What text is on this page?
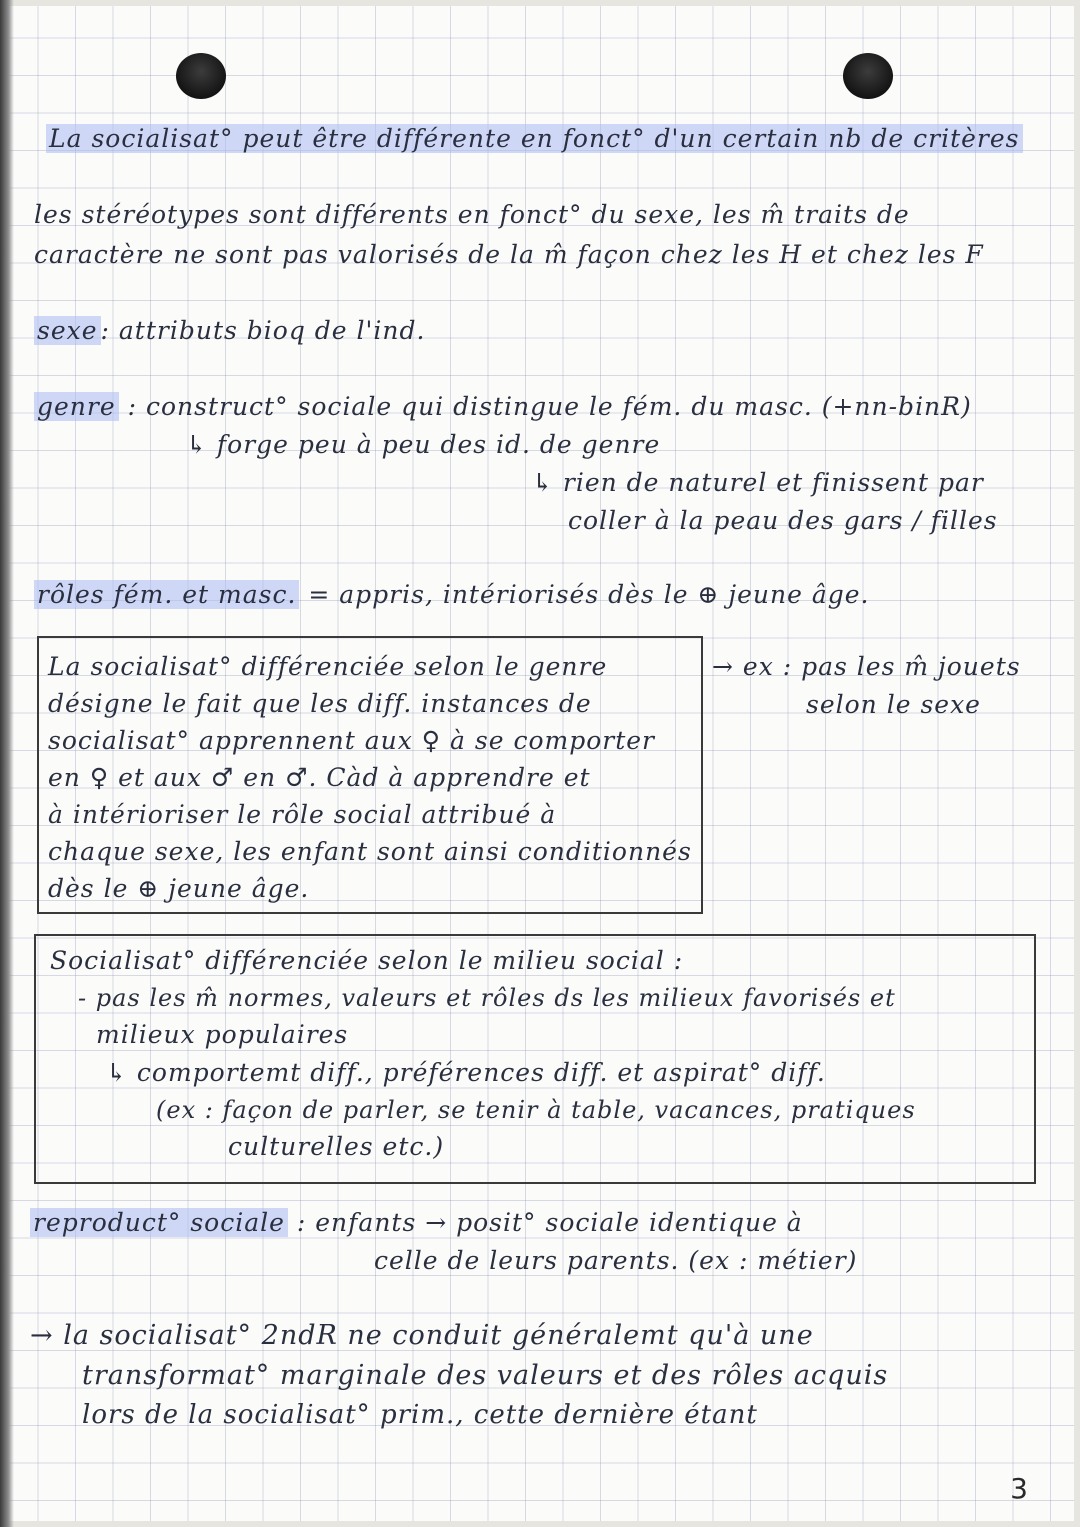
La socialisat° peut être différente en fonct° d'un certain nb de critères

les stéréotypes sont différents en fonct° du sexe, les m̂ traits de

caractère ne sont pas valorisés de la m̂ façon chez les H et chez les F

sexe : attributs bioq de l'ind.

genre : construct° sociale qui distingue le fém. du masc. (+nn-binR)

↳ forge peu à peu des id. de genre

↳ rien de naturel et finissent par

coller à la peau des gars / filles

rôles fém. et masc. = appris, intériorisés dès le ⊕ jeune âge.

La socialisat° différenciée selon le genre

désigne le fait que les diff. instances de

socialisat° apprennent aux ♀ à se comporter

en ♀ et aux ♂ en ♂. Càd à apprendre et

à intérioriser le rôle social attribué à

chaque sexe, les enfant sont ainsi conditionnés

dès le ⊕ jeune âge.

→ ex : pas les m̂ jouets

selon le sexe

Socialisat° différenciée selon le milieu social :

- pas les m̂ normes, valeurs et rôles ds les milieux favorisés et

milieux populaires

↳ comportemt diff., préférences diff. et aspirat° diff.

(ex : façon de parler, se tenir à table, vacances, pratiques

culturelles etc.)

reproduct° sociale : enfants → posit° sociale identique à

celle de leurs parents. (ex : métier)

→ la socialisat° 2ndR ne conduit généralemt qu'à une

transformat° marginale des valeurs et des rôles acquis

lors de la socialisat° prim., cette dernière étant

3
